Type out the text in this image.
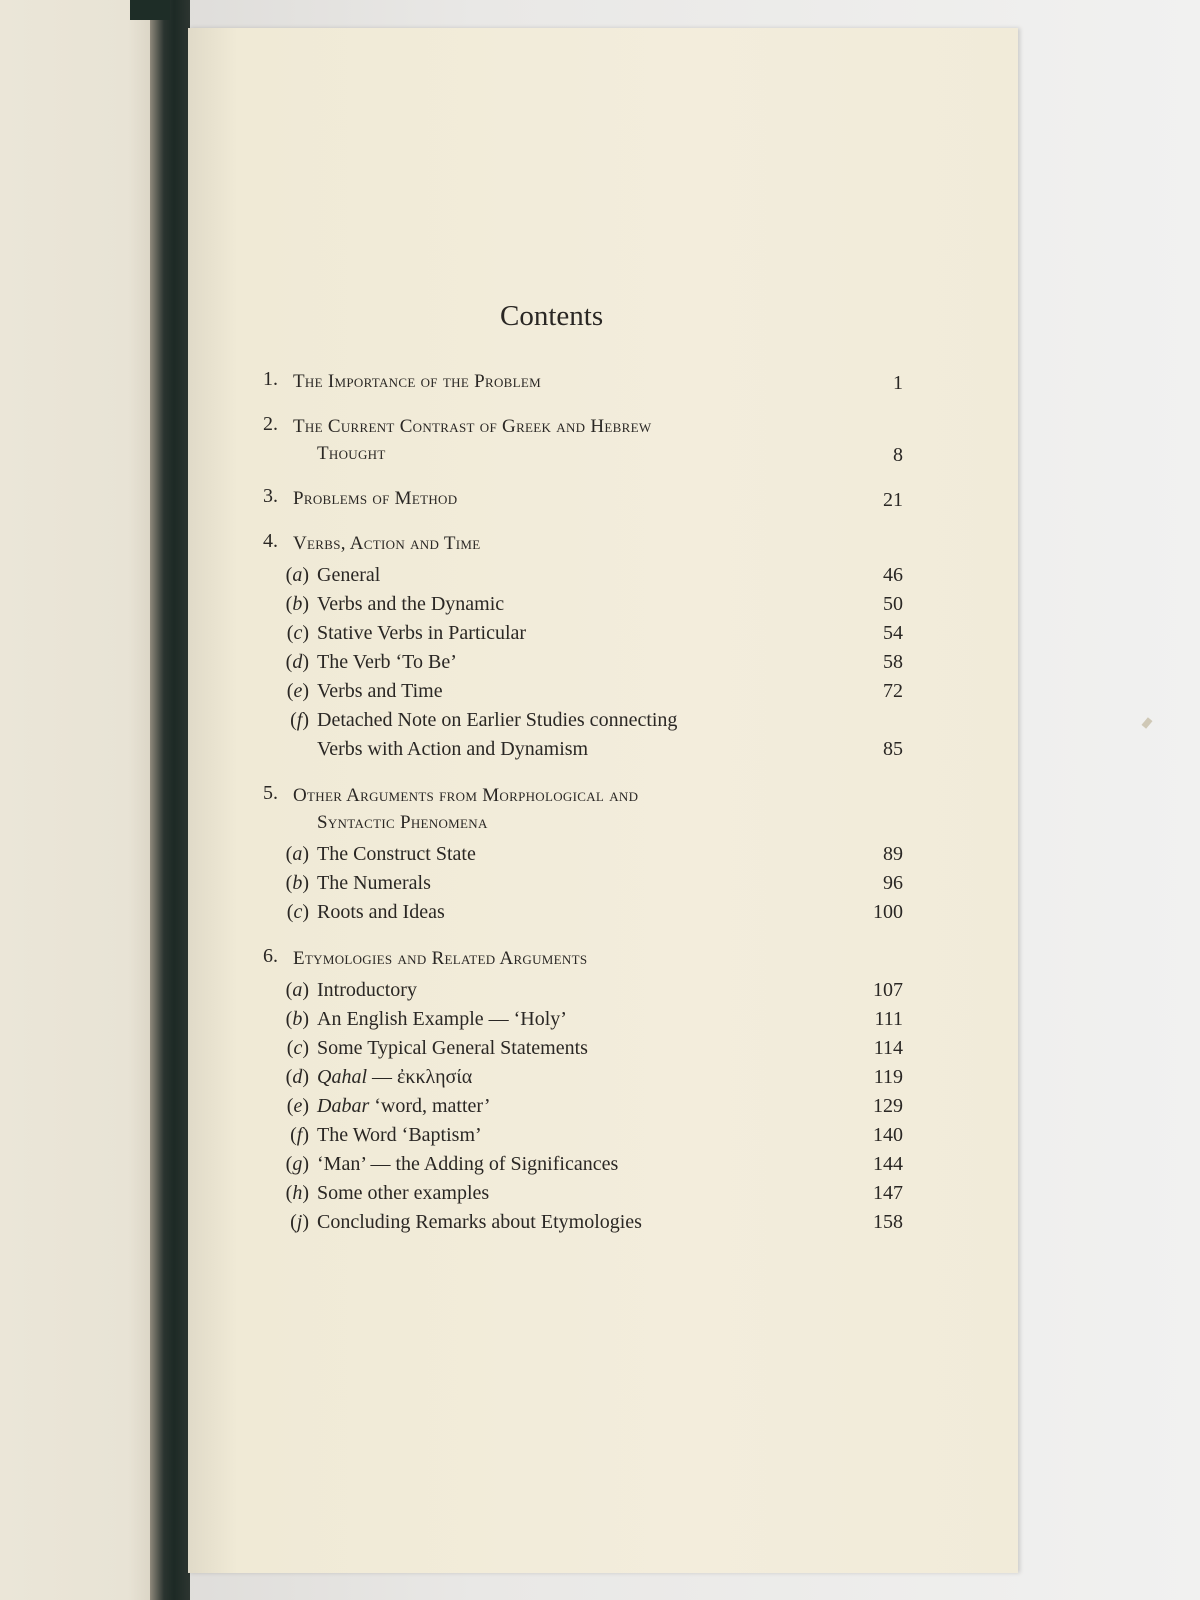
Contents
1. The Importance of the Problem	1
2. The Current Contrast of Greek and Hebrew
Thought	8
3. Problems of Method	21
4. Verbs, Action and Time
(a) General	46
(b) Verbs and the Dynamic	50
(c) Stative Verbs in Particular	54
(d) The Verb ‘To Be’	58
(e) Verbs and Time	72
(f) Detached Note on Earlier Studies connecting
Verbs with Action and Dynamism	85
5. Other Arguments from Morphological and
Syntactic Phenomena
(a) The Construct State	89
(b) The Numerals	96
(c) Roots and Ideas	100
6. Etymologies and Related Arguments
(a) Introductory	107
(b) An English Example — ‘Holy’	111
(c) Some Typical General Statements	114
(d) Qahal — ἐκκλησία	119
(e) Dabar ‘word, matter’	129
(f) The Word ‘Baptism’	140
(g) ‘Man’ — the Adding of Significances	144
(h) Some other examples	147
(j) Concluding Remarks about Etymologies	158
